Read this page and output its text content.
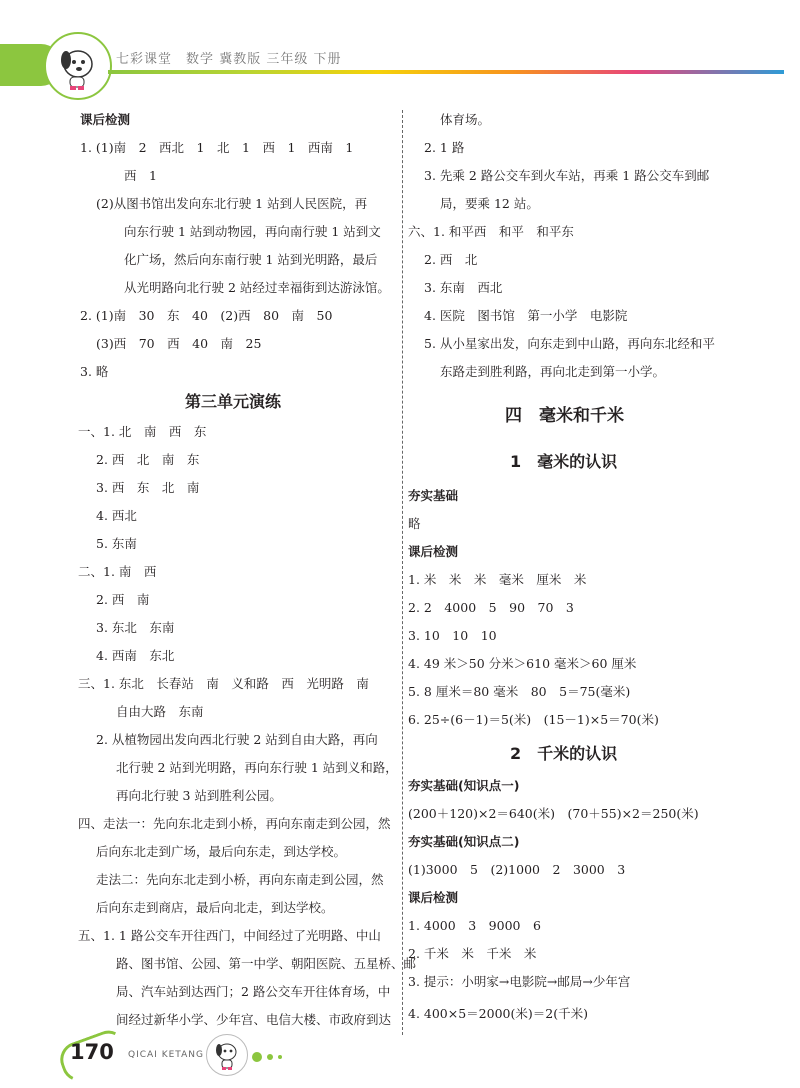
七彩课堂　 数学 冀教版 三年级 下册
课后检测
1. (1)南　2　西北　1　北　1　西　1　西南　1
西　1
(2)从图书馆出发向东北行驶 1 站到人民医院，再
向东行驶 1 站到动物园，再向南行驶 1 站到文
化广场，然后向东南行驶 1 站到光明路，最后
从光明路向北行驶 2 站经过幸福街到达游泳馆。
2. (1)南　30　东　40　(2)西　80　南　50
(3)西　70　西　40　南　25
3. 略
第三单元演练
一、1. 北　南　西　东
2. 西　北　南　东
3. 西　东　北　南
4. 西北
5. 东南
二、1. 南　西
2. 西　南
3. 东北　东南
4. 西南　东北
三、1. 东北　长春站　南　义和路　西　光明路　南
自由大路　东南
2. 从植物园出发向西北行驶 2 站到自由大路，再向
北行驶 2 站到光明路，再向东行驶 1 站到义和路，
再向北行驶 3 站到胜利公园。
四、走法一：先向东北走到小桥，再向东南走到公园，然
后向东北走到广场，最后向东走，到达学校。
走法二：先向东北走到小桥，再向东南走到公园，然
后向东走到商店，最后向北走，到达学校。
五、1. 1 路公交车开往西门，中间经过了光明路、中山
路、图书馆、公园、第一中学、朝阳医院、五星桥、邮
局、汽车站到达西门；2 路公交车开往体育场，中
间经过新华小学、少年宫、电信大楼、市政府到达
体育场。
2. 1 路
3. 先乘 2 路公交车到火车站，再乘 1 路公交车到邮
局，要乘 12 站。
六、1. 和平西　和平　和平东
2. 西　北
3. 东南　西北
4. 医院　图书馆　第一小学　电影院
5. 从小星家出发，向东走到中山路，再向东北经和平
东路走到胜利路，再向北走到第一小学。
四　毫米和千米
1　毫米的认识
夯实基础
略
课后检测
1. 米　米　米　毫米　厘米　米
2. 2　4000　5　90　70　3
3. 10　10　10
4. 49 米＞50 分米＞610 毫米＞60 厘米
5. 8 厘米＝80 毫米　80　5＝75(毫米)
6. 25÷(6－1)＝5(米)　(15－1)×5＝70(米)
2　千米的认识
夯实基础(知识点一)
(200＋120)×2＝640(米)　(70＋55)×2＝250(米)
夯实基础(知识点二)
(1)3000　5　(2)1000　2　3000　3
课后检测
1. 4000　3　9000　6
2. 千米　米　千米　米
3. 提示：小明家→电影院→邮局→少年宫
4. 400×5＝2000(米)＝2(千米)
170 QICAI KETANG
